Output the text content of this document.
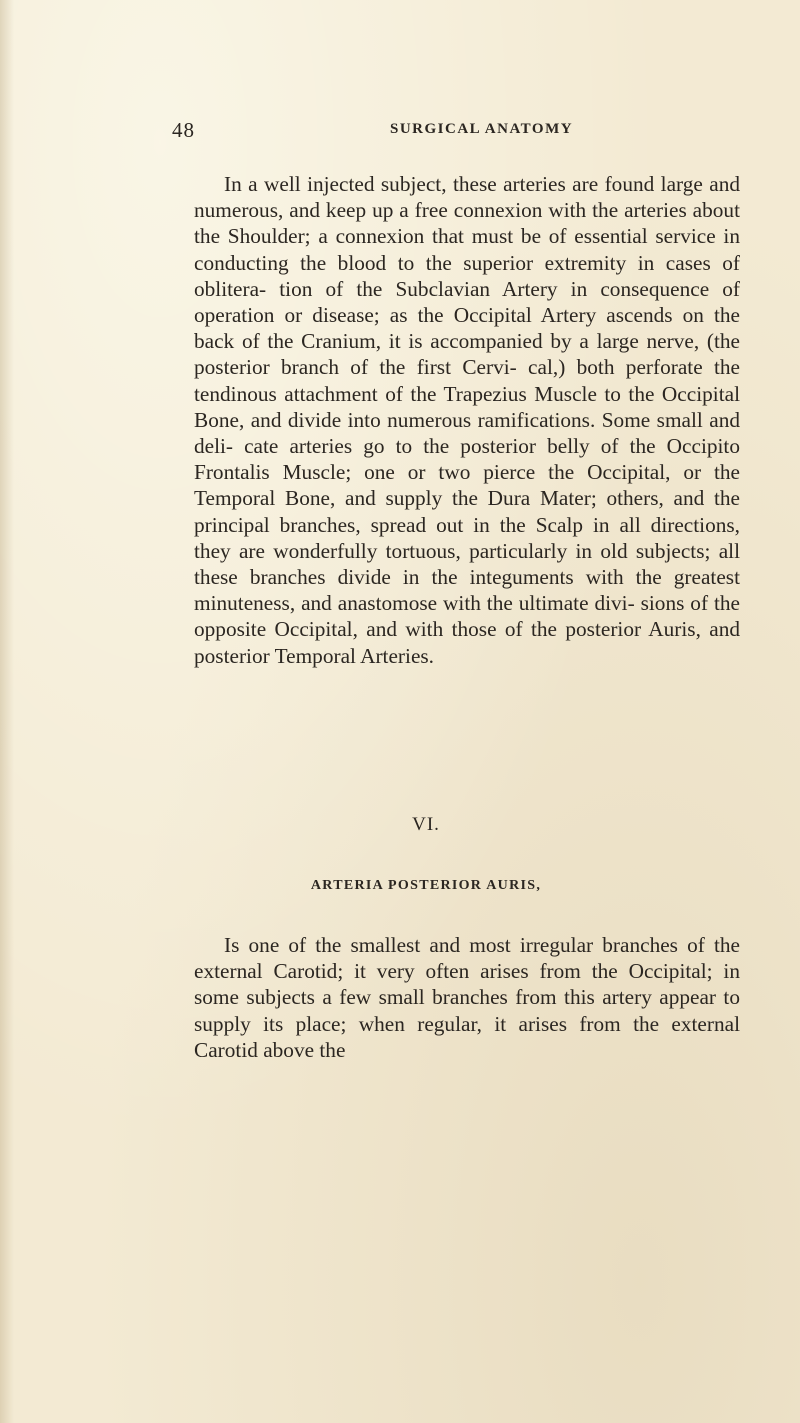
48	SURGICAL ANATOMY

In a well injected subject, these arteries are found large and numerous, and keep up a free connexion with the arteries about the Shoulder; a connexion that must be of essential service in conducting the blood to the superior extremity in cases of oblitera- tion of the Subclavian Artery in consequence of operation or disease; as the Occipital Artery ascends on the back of the Cranium, it is accompanied by a large nerve, (the posterior branch of the first Cervi- cal,) both perforate the tendinous attachment of the Trapezius Muscle to the Occipital Bone, and divide into numerous ramifications. Some small and deli- cate arteries go to the posterior belly of the Occipito Frontalis Muscle; one or two pierce the Occipital, or the Temporal Bone, and supply the Dura Mater; others, and the principal branches, spread out in the Scalp in all directions, they are wonderfully tortuous, particularly in old subjects; all these branches divide in the integuments with the greatest minuteness, and anastomose with the ultimate divi- sions of the opposite Occipital, and with those of the posterior Auris, and posterior Temporal Arteries.

VI.
ARTERIA POSTERIOR AURIS,

Is one of the smallest and most irregular branches of the external Carotid; it very often arises from the Occipital; in some subjects a few small branches from this artery appear to supply its place; when regular, it arises from the external Carotid above the
